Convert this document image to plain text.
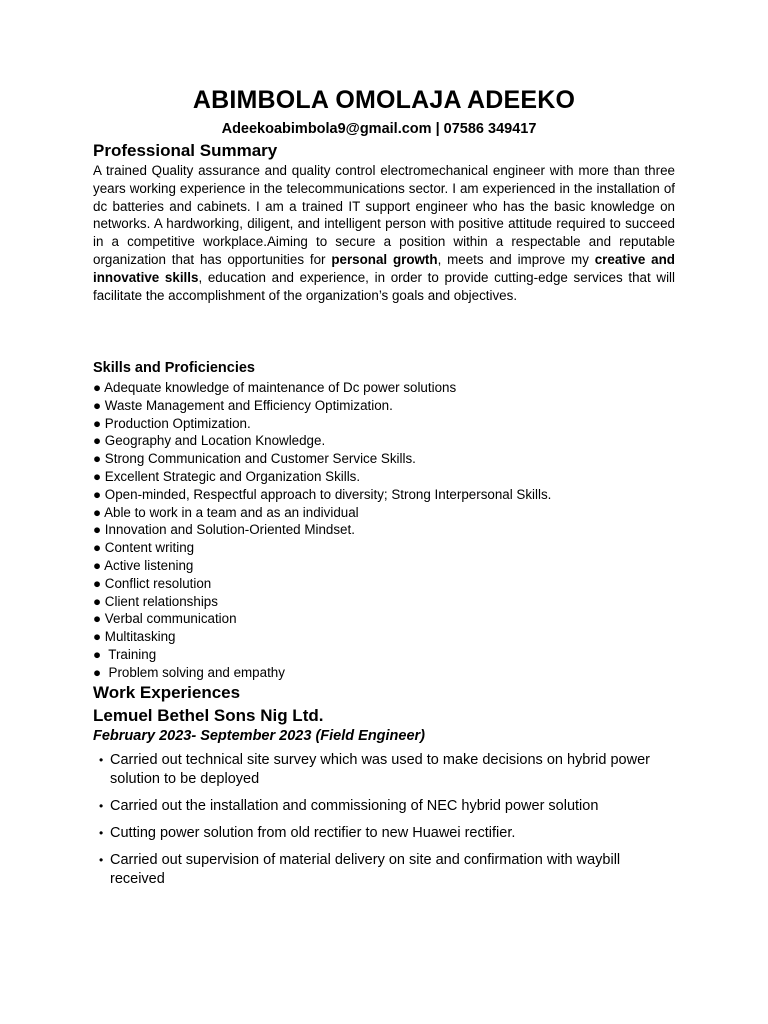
ABIMBOLA OMOLAJA ADEEKO
Adeekoabimbola9@gmail.com | 07586 349417
Professional Summary

A trained Quality assurance and quality control electromechanical engineer with more than three years working experience in the telecommunications sector. I am experienced in the installation of dc batteries and cabinets. I am a trained IT support engineer who has the basic knowledge on networks. A hardworking, diligent, and intelligent person with positive attitude required to succeed in a competitive workplace.Aiming to secure a position within a respectable and reputable organization that has opportunities for personal growth, meets and improve my creative and innovative skills, education and experience, in order to provide cutting-edge services that will facilitate the accomplishment of the organization’s goals and objectives.

Skills and Proficiencies
● Adequate knowledge of maintenance of Dc power solutions
● Waste Management and Efficiency Optimization.
● Production Optimization.
● Geography and Location Knowledge.
● Strong Communication and Customer Service Skills.
● Excellent Strategic and Organization Skills.
● Open-minded, Respectful approach to diversity; Strong Interpersonal Skills.
● Able to work in a team and as an individual
● Innovation and Solution-Oriented Mindset.
● Content writing
● Active listening
● Conflict resolution
● Client relationships
● Verbal communication
● Multitasking
●  Training
●  Problem solving and empathy
Work Experiences
Lemuel Bethel Sons Nig Ltd.
February 2023- September 2023 (Field Engineer)
• Carried out technical site survey which was used to make decisions on hybrid power solution to be deployed
• Carried out the installation and commissioning of NEC hybrid power solution
• Cutting power solution from old rectifier to new Huawei rectifier.
• Carried out supervision of material delivery on site and confirmation with waybill received
